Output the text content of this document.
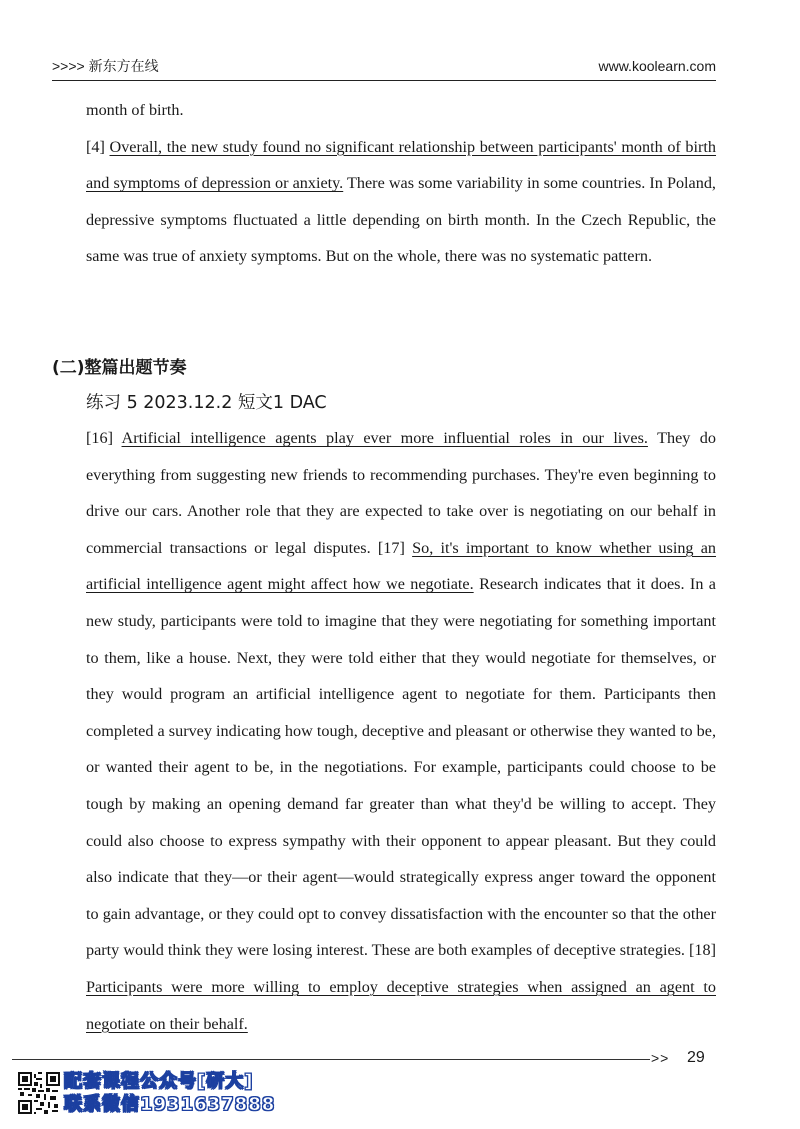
>>>> 新东方在线	www.koolearn.com

month of birth.

[4] Overall, the new study found no significant relationship between participants' month of birth and symptoms of depression or anxiety. There was some variability in some countries. In Poland, depressive symptoms fluctuated a little depending on birth month. In the Czech Republic, the same was true of anxiety symptoms. But on the whole, there was no systematic pattern.

(二)整篇出题节奏
练习 5 2023.12.2 短文1 DAC

[16] Artificial intelligence agents play ever more influential roles in our lives. They do everything from suggesting new friends to recommending purchases. They're even beginning to drive our cars. Another role that they are expected to take over is negotiating on our behalf in commercial transactions or legal disputes. [17] So, it's important to know whether using an artificial intelligence agent might affect how we negotiate. Research indicates that it does. In a new study, participants were told to imagine that they were negotiating for something important to them, like a house. Next, they were told either that they would negotiate for themselves, or they would program an artificial intelligence agent to negotiate for them. Participants then completed a survey indicating how tough, deceptive and pleasant or otherwise they wanted to be, or wanted their agent to be, in the negotiations. For example, participants could choose to be tough by making an opening demand far greater than what they'd be willing to accept. They could also choose to express sympathy with their opponent to appear pleasant. But they could also indicate that they—or their agent—would strategically express anger toward the opponent to gain advantage, or they could opt to convey dissatisfaction with the encounter so that the other party would think they were losing interest. These are both examples of deceptive strategies. [18] Participants were more willing to employ deceptive strategies when assigned an agent to negotiate on their behalf.

>> 29
配套课程公众号[研大]
联系微信1931637888
